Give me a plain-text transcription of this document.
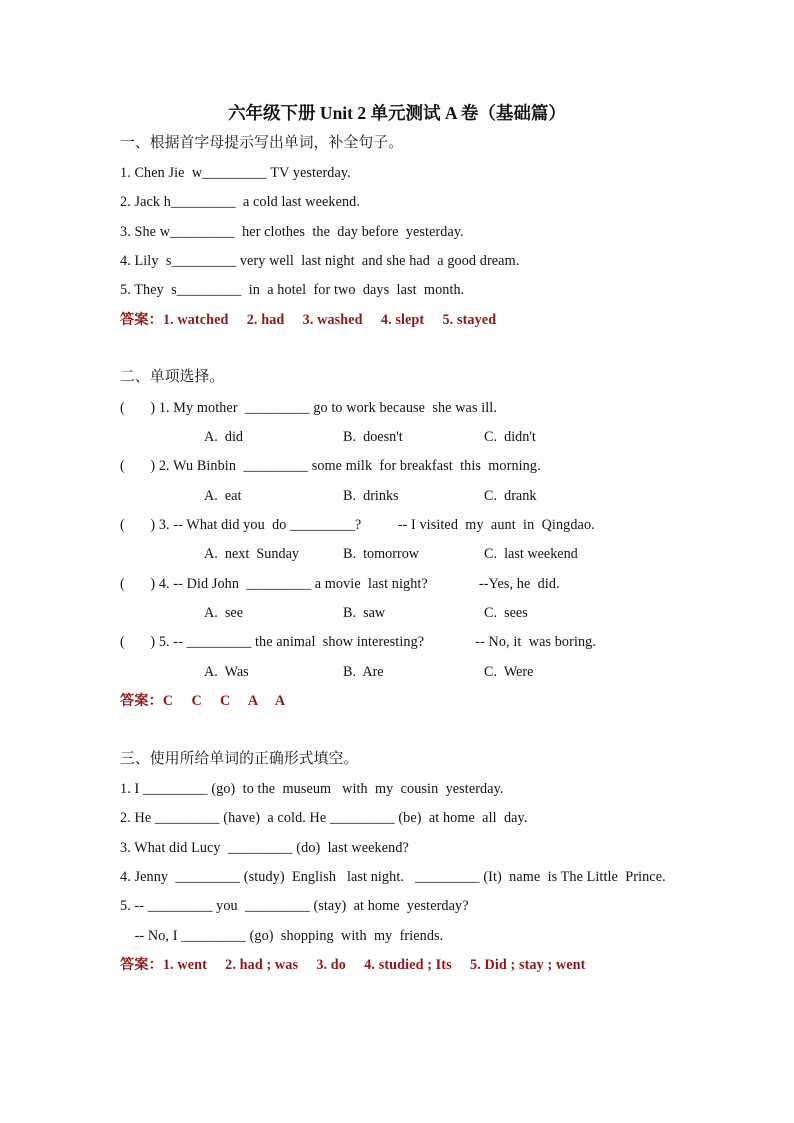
六年级下册 Unit 2 单元测试 A 卷（基础篇）
一、根据首字母提示写出单词，补全句子。
1. Chen Jie  w_________ TV yesterday.
2. Jack h_________  a cold last weekend.
3. She w_________  her clothes  the  day before  yesterday.
4. Lily  s_________ very well  last night  and she had  a good dream.
5. They  s_________  in  a hotel  for two  days  last  month.
答案：1. watched     2. had     3. washed     4. slept     5. stayed
二、单项选择。
(       ) 1. My mother  _________ go to work because  she was ill.
A.  did	B.  doesn't	C.  didn't
(       ) 2. Wu Binbin  _________ some milk  for breakfast  this  morning.
A.  eat	B.  drinks	C.  drank
(       ) 3. -- What did you  do _________?          -- I visited  my  aunt  in  Qingdao.
A.  next  Sunday	B.  tomorrow	C.  last weekend
(       ) 4. -- Did John  _________ a movie  last night?              --Yes, he  did.
A.  see	B.  saw	C.  sees
(       ) 5. -- _________ the animal  show interesting?              -- No, it  was boring.
A.  Was	B.  Are	C.  Were
答案：C     C     C     A     A
三、使用所给单词的正确形式填空。
1. I _________ (go)  to the  museum   with  my  cousin  yesterday.
2. He _________ (have)  a cold. He _________ (be)  at home  all  day.
3. What did Lucy  _________ (do)  last weekend?
4. Jenny  _________ (study)  English   last night.   _________ (It)  name  is The Little  Prince.
5. -- _________ you  _________ (stay)  at home  yesterday?
-- No, I _________ (go)  shopping  with  my  friends.
答案：1. went     2. had ; was     3. do     4. studied ; Its     5. Did ; stay ; went
